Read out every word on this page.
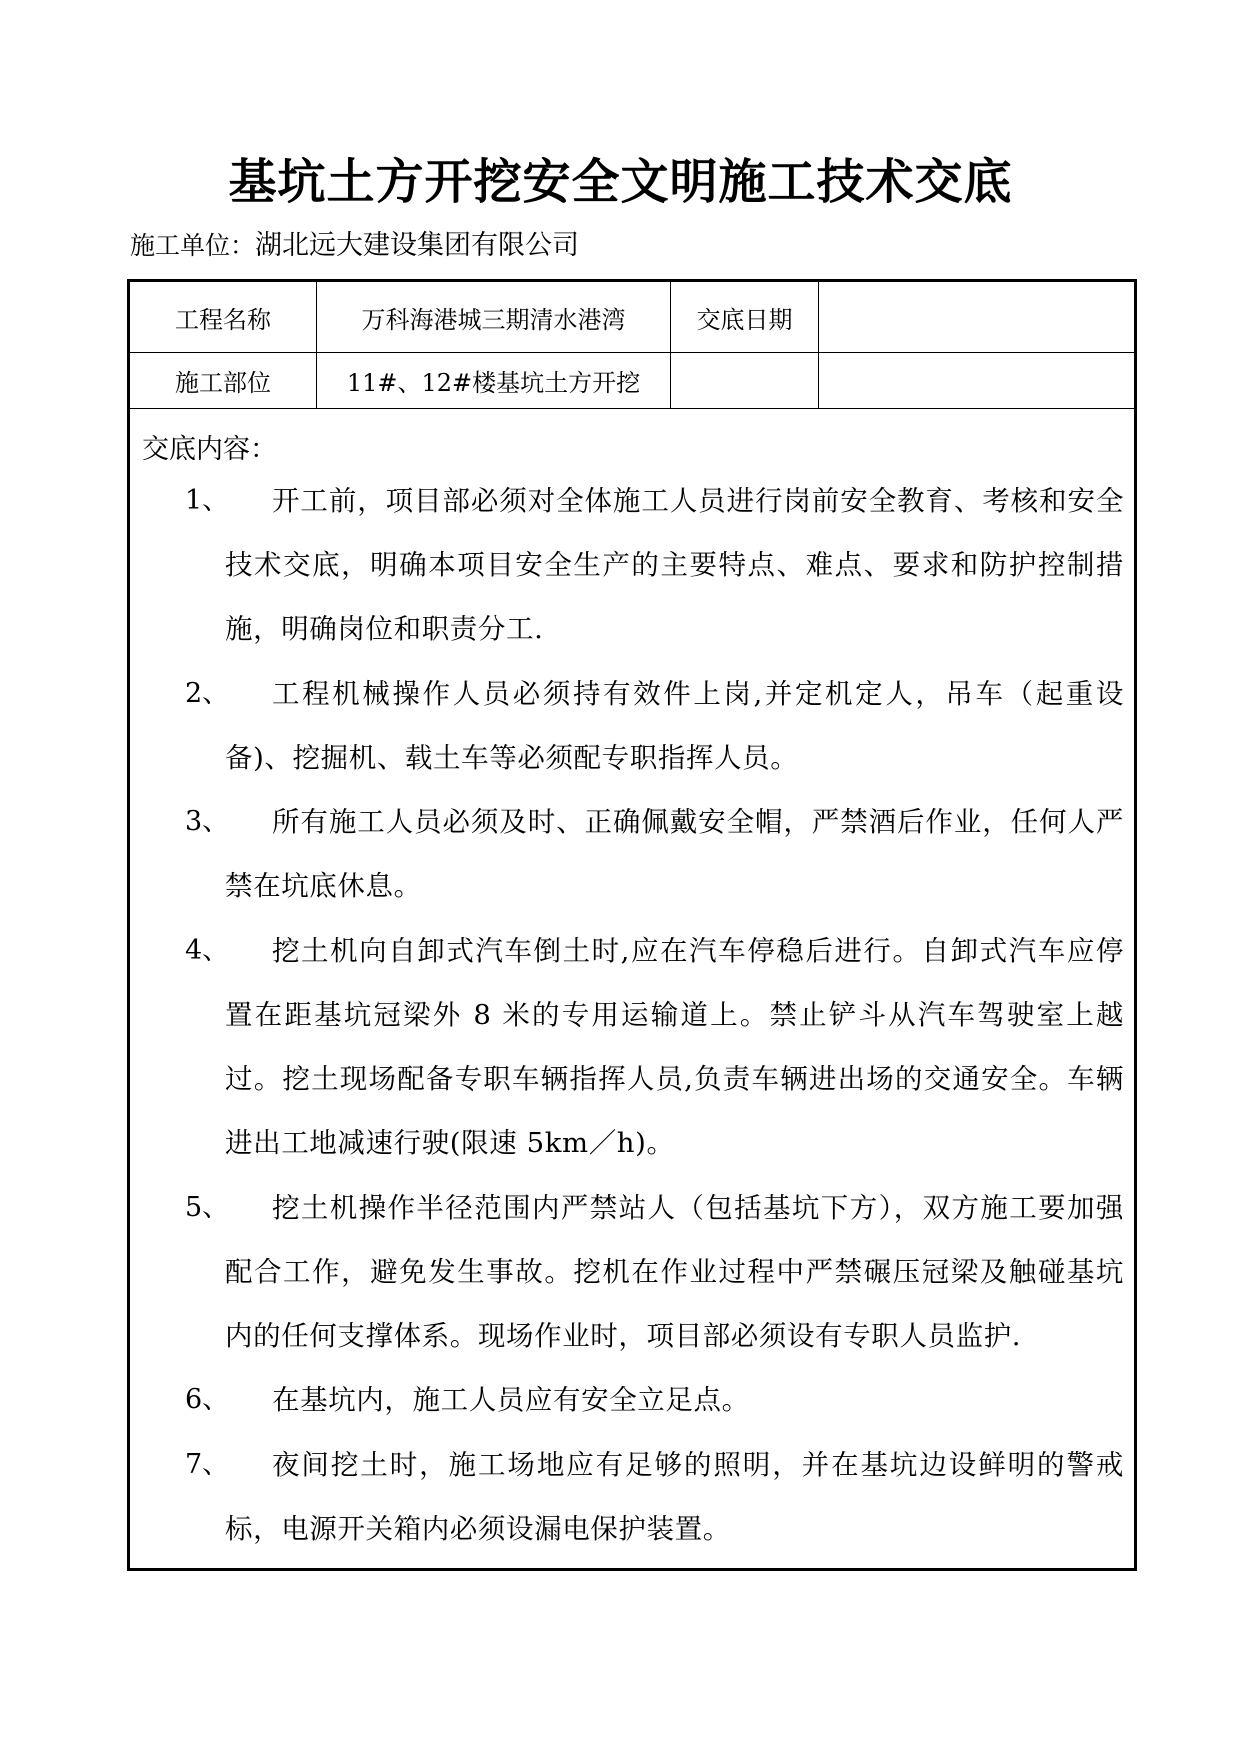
基坑土方开挖安全文明施工技术交底
施工单位：湖北远大建设集团有限公司
工程名称	万科海港城三期清水港湾	交底日期
施工部位	11#、12#楼基坑土方开挖
交底内容：
1、	开工前，项目部必须对全体施工人员进行岗前安全教育、考核和安全技术交底，明确本项目安全生产的主要特点、难点、要求和防护控制措施，明确岗位和职责分工.
2、	工程机械操作人员必须持有效件上岗,并定机定人，吊车（起重设备)、挖掘机、载土车等必须配专职指挥人员。
3、	所有施工人员必须及时、正确佩戴安全帽，严禁酒后作业，任何人严禁在坑底休息。
4、	挖土机向自卸式汽车倒土时,应在汽车停稳后进行。自卸式汽车应停置在距基坑冠梁外 8 米的专用运输道上。禁止铲斗从汽车驾驶室上越过。挖土现场配备专职车辆指挥人员,负责车辆进出场的交通安全。车辆进出工地减速行驶(限速 5km／h)。
5、	挖土机操作半径范围内严禁站人（包括基坑下方），双方施工要加强配合工作，避免发生事故。挖机在作业过程中严禁碾压冠梁及触碰基坑内的任何支撑体系。现场作业时，项目部必须设有专职人员监护.
6、	在基坑内，施工人员应有安全立足点。
7、	夜间挖土时，施工场地应有足够的照明，并在基坑边设鲜明的警戒标，电源开关箱内必须设漏电保护装置。
